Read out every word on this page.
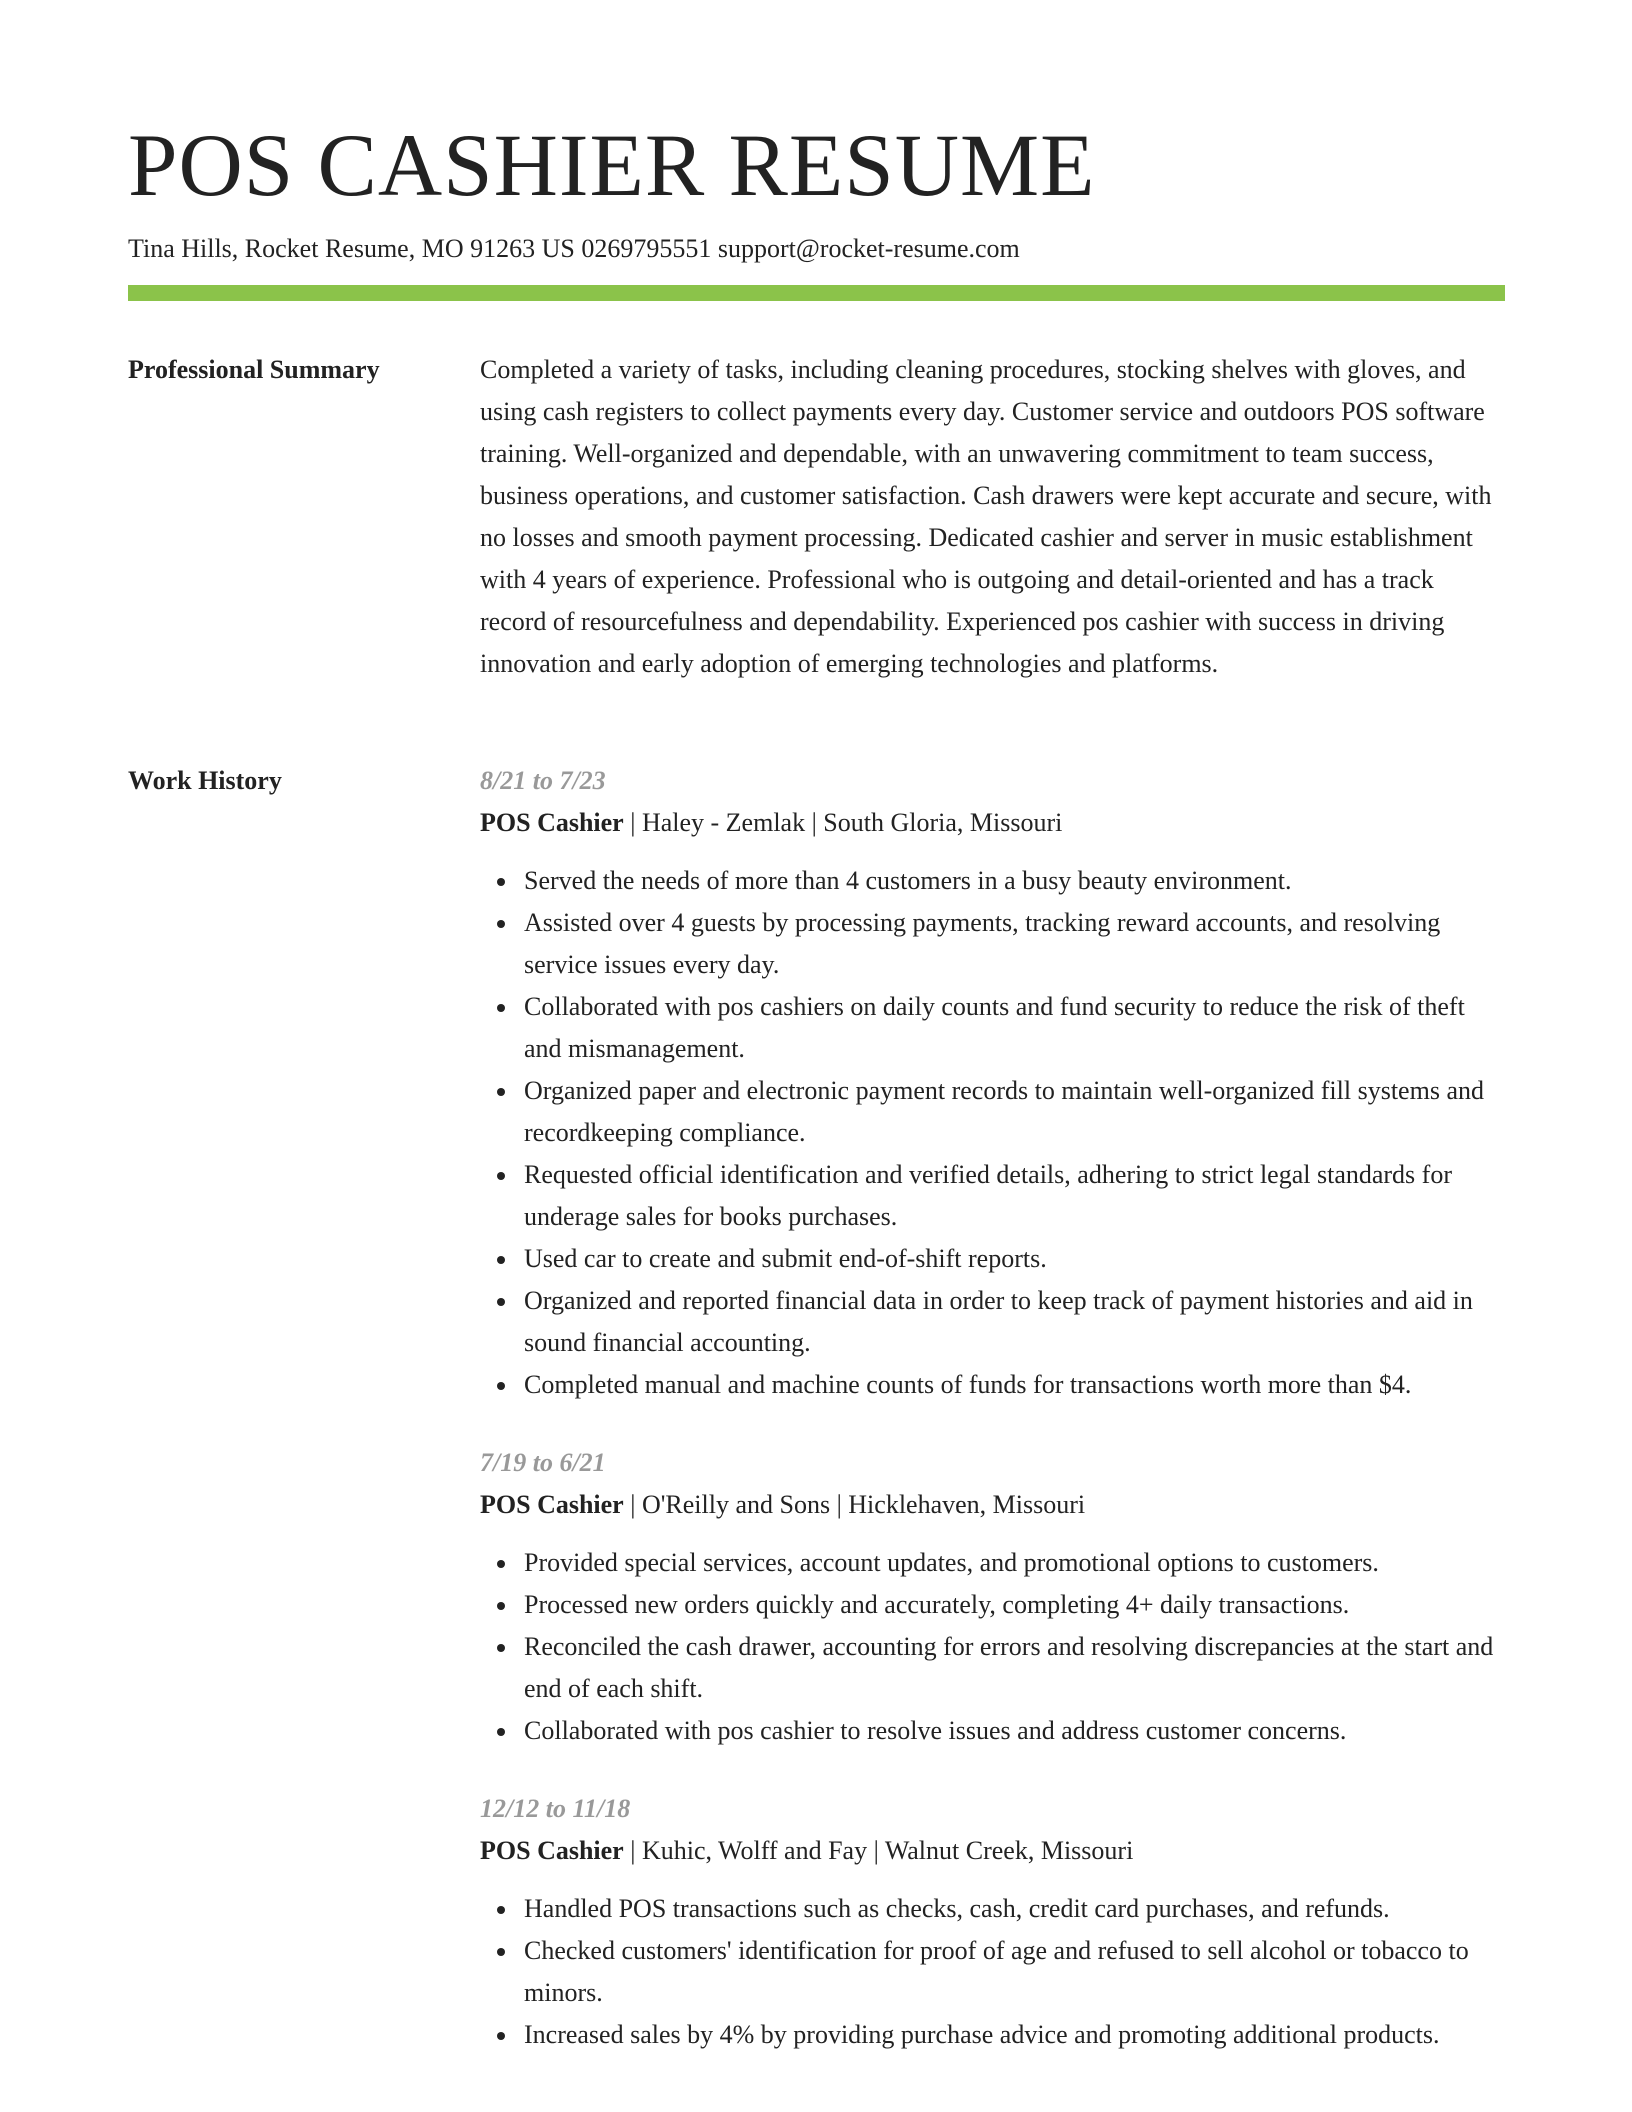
POS CASHIER RESUME
Tina Hills, Rocket Resume, MO 91263 US 0269795551 support@rocket-resume.com
Professional Summary	Completed a variety of tasks, including cleaning procedures, stocking shelves with gloves, and using cash registers to collect payments every day. Customer service and outdoors POS software training. Well-organized and dependable, with an unwavering commitment to team success, business operations, and customer satisfaction. Cash drawers were kept accurate and secure, with no losses and smooth payment processing. Dedicated cashier and server in music establishment with 4 years of experience. Professional who is outgoing and detail-oriented and has a track record of resourcefulness and dependability. Experienced pos cashier with success in driving innovation and early adoption of emerging technologies and platforms.

Work History	8/21 to 7/23
POS Cashier | Haley - Zemlak | South Gloria, Missouri
Served the needs of more than 4 customers in a busy beauty environment.
Assisted over 4 guests by processing payments, tracking reward accounts, and resolving service issues every day.
Collaborated with pos cashiers on daily counts and fund security to reduce the risk of theft and mismanagement.
Organized paper and electronic payment records to maintain well-organized fill systems and recordkeeping compliance.
Requested official identification and verified details, adhering to strict legal standards for underage sales for books purchases.
Used car to create and submit end-of-shift reports.
Organized and reported financial data in order to keep track of payment histories and aid in sound financial accounting.
Completed manual and machine counts of funds for transactions worth more than $4.
7/19 to 6/21
POS Cashier | O'Reilly and Sons | Hicklehaven, Missouri
Provided special services, account updates, and promotional options to customers.
Processed new orders quickly and accurately, completing 4+ daily transactions.
Reconciled the cash drawer, accounting for errors and resolving discrepancies at the start and end of each shift.
Collaborated with pos cashier to resolve issues and address customer concerns.
12/12 to 11/18
POS Cashier | Kuhic, Wolff and Fay | Walnut Creek, Missouri
Handled POS transactions such as checks, cash, credit card purchases, and refunds.
Checked customers' identification for proof of age and refused to sell alcohol or tobacco to minors.
Increased sales by 4% by providing purchase advice and promoting additional products.
